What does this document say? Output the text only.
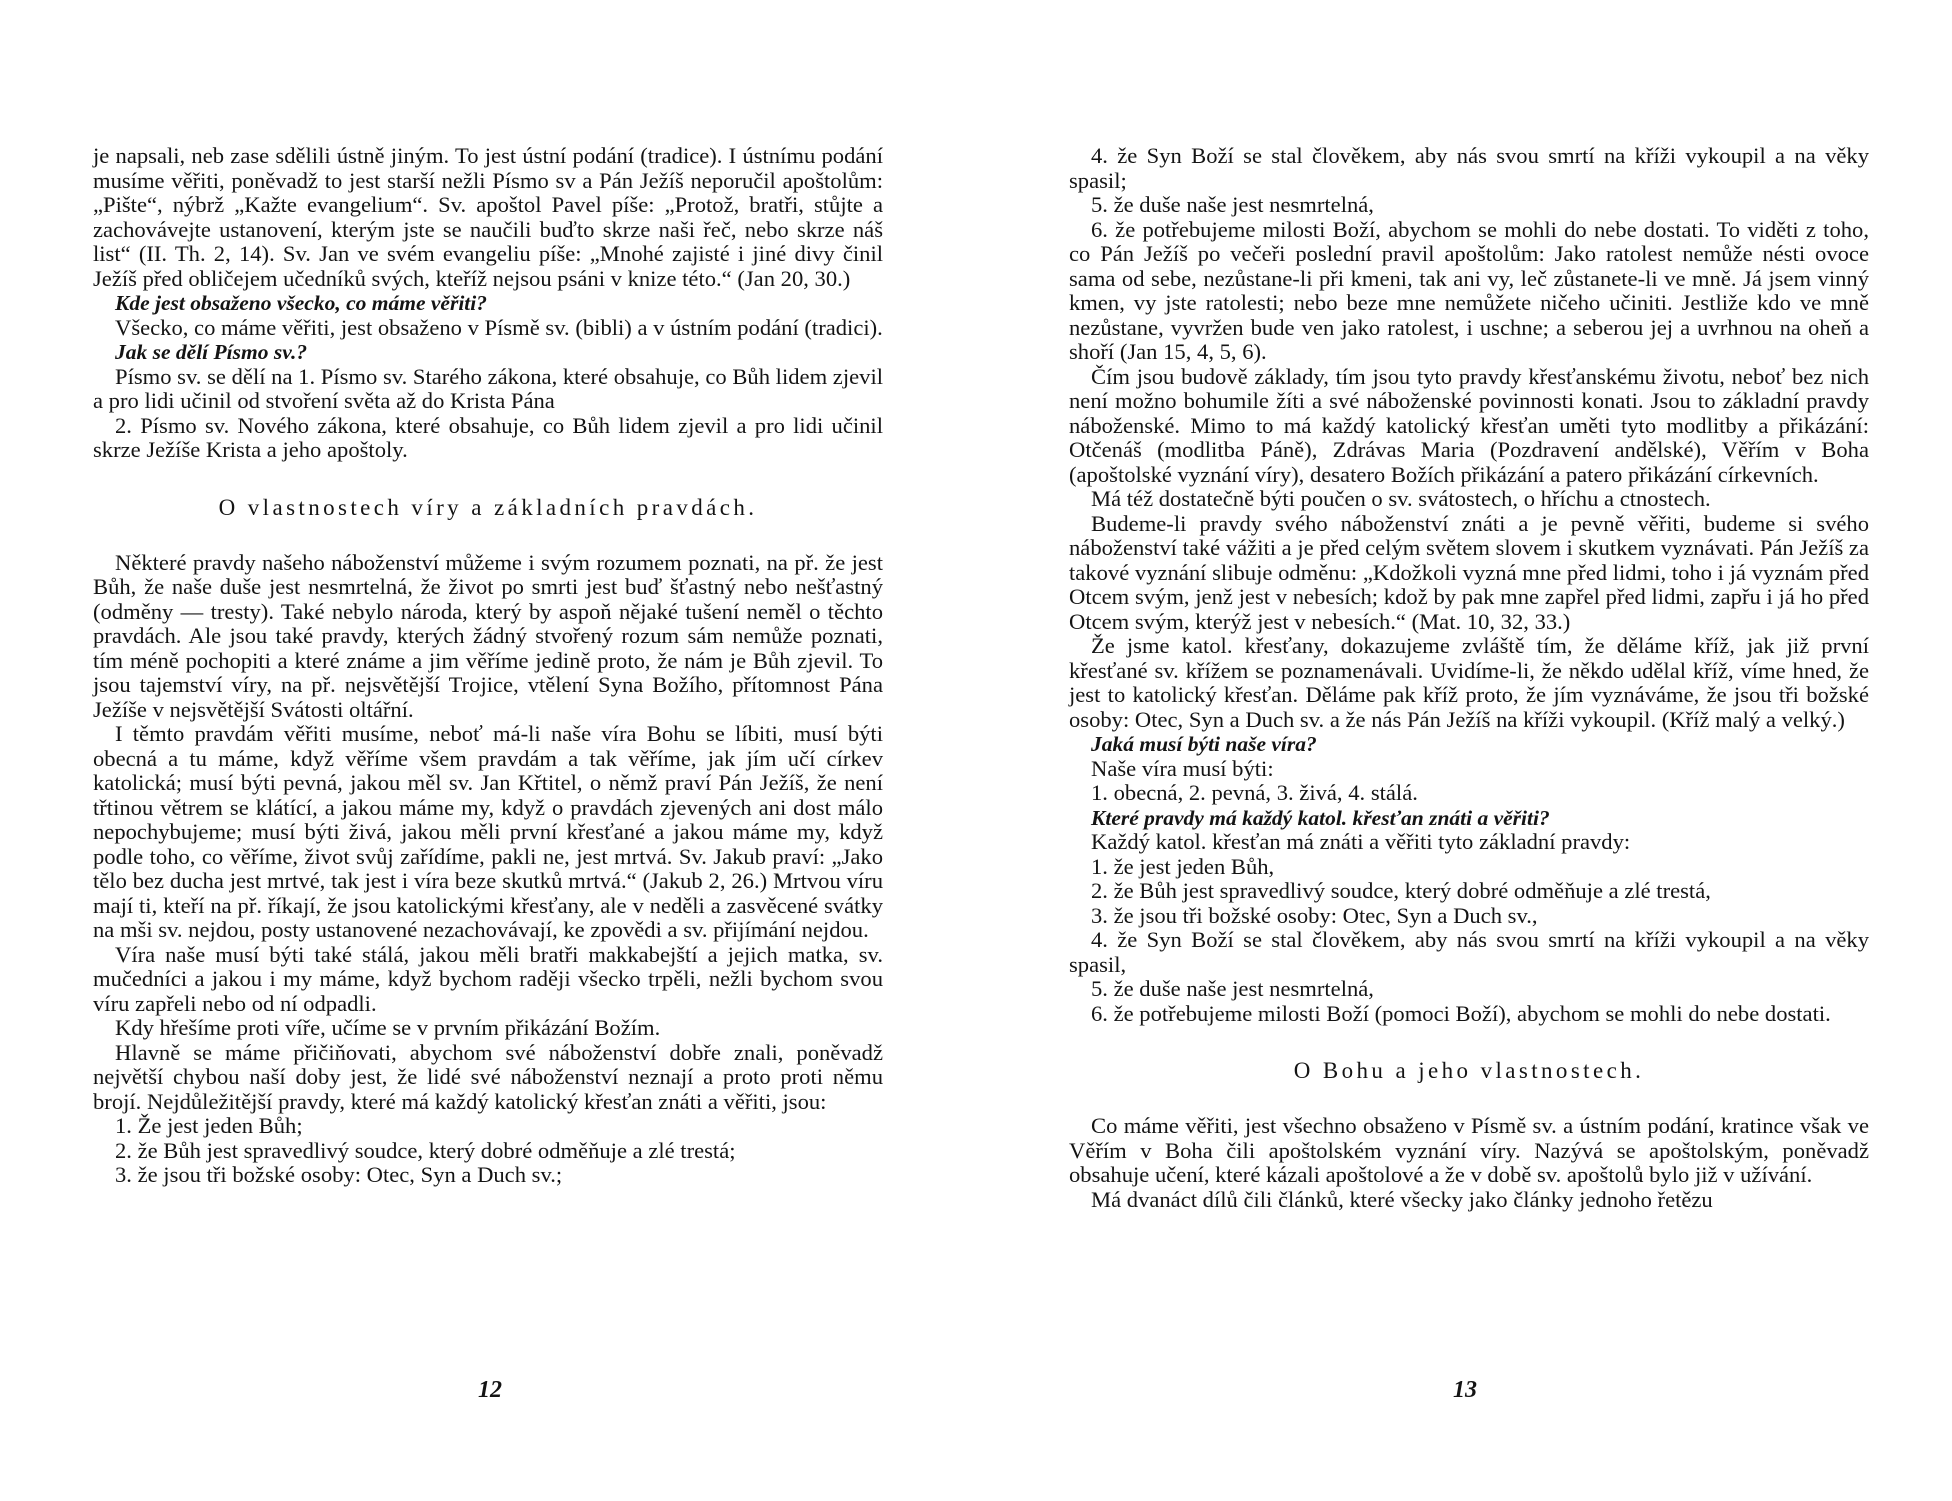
je napsali, neb zase sdělili ústně jiným. To jest ústní podání (tradice). I ústnímu podání musíme věřiti, poněvadž to jest starší nežli Písmo sv a Pán Ježíš neporučil apoštolům: „Pište“, nýbrž „Kažte evangelium“. Sv. apoštol Pavel píše: „Protož, bratři, stůjte a zachovávejte ustanovení, kterým jste se naučili buďto skrze naši řeč, nebo skrze náš list“ (II. Th. 2, 14). Sv. Jan ve svém evangeliu píše: „Mnohé zajisté i jiné divy činil Ježíš před obličejem učedníků svých, kteříž nejsou psáni v knize této.“ (Jan 20, 30.)

Kde jest obsaženo všecko, co máme věřiti?

Všecko, co máme věřiti, jest obsaženo v Písmě sv. (bibli) a v ústním podání (tradici).

Jak se dělí Písmo sv.?

Písmo sv. se dělí na 1. Písmo sv. Starého zákona, které obsahuje, co Bůh lidem zjevil a pro lidi učinil od stvoření světa až do Krista Pána

2. Písmo sv. Nového zákona, které obsahuje, co Bůh lidem zjevil a pro lidi učinil skrze Ježíše Krista a jeho apoštoly.

O vlastnostech víry a základních pravdách.

Některé pravdy našeho náboženství můžeme i svým rozumem poznati, na př. že jest Bůh, že naše duše jest nesmrtelná, že život po smrti jest buď šťastný nebo nešťastný (odměny — tresty). Také nebylo národa, který by aspoň nějaké tušení neměl o těchto pravdách. Ale jsou také pravdy, kterých žádný stvořený rozum sám nemůže poznati, tím méně pochopiti a které známe a jim věříme jedině proto, že nám je Bůh zjevil. To jsou tajemství víry, na př. nejsvětější Trojice, vtělení Syna Božího, přítomnost Pána Ježíše v nejsvětější Svátosti oltářní.

I těmto pravdám věřiti musíme, neboť má-li naše víra Bohu se líbiti, musí býti obecná a tu máme, když věříme všem pravdám a tak věříme, jak jím učí církev katolická; musí býti pevná, jakou měl sv. Jan Křtitel, o němž praví Pán Ježíš, že není třtinou větrem se klátící, a jakou máme my, když o pravdách zjevených ani dost málo nepochybujeme; musí býti živá, jakou měli první křesťané a jakou máme my, když podle toho, co věříme, život svůj zařídíme, pakli ne, jest mrtvá. Sv. Jakub praví: „Jako tělo bez ducha jest mrtvé, tak jest i víra beze skutků mrtvá.“ (Jakub 2, 26.) Mrtvou víru mají ti, kteří na př. říkají, že jsou katolickými křesťany, ale v neděli a zasvěcené svátky na mši sv. nejdou, posty ustanovené nezachovávají, ke zpovědi a sv. přijímání nejdou.

Víra naše musí býti také stálá, jakou měli bratři makkabejští a jejich matka, sv. mučedníci a jakou i my máme, když bychom raději všecko trpěli, nežli bychom svou víru zapřeli nebo od ní odpadli.

Kdy hřešíme proti víře, učíme se v prvním přikázání Božím.

Hlavně se máme přičiňovati, abychom své náboženství dobře znali, poněvadž největší chybou naší doby jest, že lidé své náboženství neznají a proto proti němu brojí. Nejdůležitější pravdy, které má každý katolický křesťan znáti a věřiti, jsou:

1. Že jest jeden Bůh;

2. že Bůh jest spravedlivý soudce, který dobré odměňuje a zlé trestá;

3. že jsou tři božské osoby: Otec, Syn a Duch sv.;

12

4. že Syn Boží se stal člověkem, aby nás svou smrtí na kříži vykoupil a na věky spasil;

5. že duše naše jest nesmrtelná,

6. že potřebujeme milosti Boží, abychom se mohli do nebe dostati. To viděti z toho, co Pán Ježíš po večeři poslední pravil apoštolům: Jako ratolest nemůže nésti ovoce sama od sebe, nezůstane-li při kmeni, tak ani vy, leč zůstanete-li ve mně. Já jsem vinný kmen, vy jste ratolesti; nebo beze mne nemůžete ničeho učiniti. Jestliže kdo ve mně nezůstane, vyvržen bude ven jako ratolest, i uschne; a seberou jej a uvrhnou na oheň a shoří (Jan 15, 4, 5, 6).

Čím jsou budově základy, tím jsou tyto pravdy křesťanskému životu, neboť bez nich není možno bohumile žíti a své náboženské povinnosti konati. Jsou to základní pravdy náboženské. Mimo to má každý katolický křesťan uměti tyto modlitby a přikázání: Otčenáš (modlitba Páně), Zdrávas Maria (Pozdravení andělské), Věřím v Boha (apoštolské vyznání víry), desatero Božích přikázání a patero přikázání církevních.

Má též dostatečně býti poučen o sv. svátostech, o hříchu a ctnostech.

Budeme-li pravdy svého náboženství znáti a je pevně věřiti, budeme si svého náboženství také vážiti a je před celým světem slovem i skutkem vyznávati. Pán Ježíš za takové vyznání slibuje odměnu: „Kdožkoli vyzná mne před lidmi, toho i já vyznám před Otcem svým, jenž jest v nebesích; kdož by pak mne zapřel před lidmi, zapřu i já ho před Otcem svým, kterýž jest v nebesích.“ (Mat. 10, 32, 33.)

Že jsme katol. křesťany, dokazujeme zvláště tím, že děláme kříž, jak již první křesťané sv. křížem se poznamenávali. Uvidíme-li, že někdo udělal kříž, víme hned, že jest to katolický křesťan. Děláme pak kříž proto, že jím vyznáváme, že jsou tři božské osoby: Otec, Syn a Duch sv. a že nás Pán Ježíš na kříži vykoupil. (Kříž malý a velký.)

Jaká musí býti naše víra?

Naše víra musí býti:

1. obecná, 2. pevná, 3. živá, 4. stálá.

Které pravdy má každý katol. křesťan znáti a věřiti?

Každý katol. křesťan má znáti a věřiti tyto základní pravdy:

1. že jest jeden Bůh,

2. že Bůh jest spravedlivý soudce, který dobré odměňuje a zlé trestá,

3. že jsou tři božské osoby: Otec, Syn a Duch sv.,

4. že Syn Boží se stal člověkem, aby nás svou smrtí na kříži vykoupil a na věky spasil,

5. že duše naše jest nesmrtelná,

6. že potřebujeme milosti Boží (pomoci Boží), abychom se mohli do nebe dostati.

O Bohu a jeho vlastnostech.

Co máme věřiti, jest všechno obsaženo v Písmě sv. a ústním podání, kratince však ve Věřím v Boha čili apoštolském vyznání víry. Nazývá se apoštolským, poněvadž obsahuje učení, které kázali apoštolové a že v době sv. apoštolů bylo již v užívání.

Má dvanáct dílů čili článků, které všecky jako články jednoho řetězu

13
